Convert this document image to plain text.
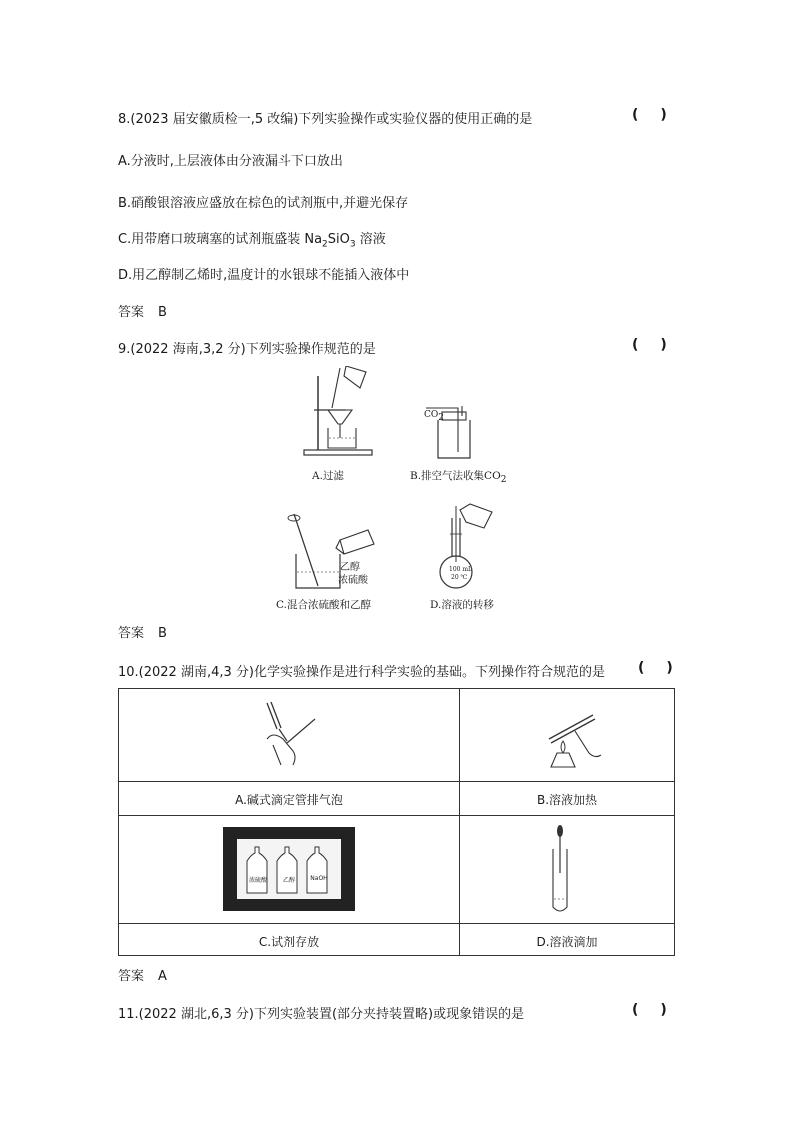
8.(2023 届安徽质检一,5 改编)下列实验操作或实验仪器的使用正确的是	()
A.分液时,上层液体由分液漏斗下口放出
B.硝酸银溶液应盛放在棕色的试剂瓶中,并避光保存
C.用带磨口玻璃塞的试剂瓶盛装 $Na_2SiO_3$ 溶液
D.用乙醇制乙烯时,温度计的水银球不能插入液体中
答案 B
9.(2022 海南,3,2 分)下列实验操作规范的是	()
A.过滤
$CO_2$
B.排空气法收集$CO_2$
乙醇
浓硫酸
C.混合浓硫酸和乙醇
100 mL
20 ℃
D.溶液的转移
答案 B
10.(2022 湖南,4,3 分)化学实验操作是进行科学实验的基础。下列操作符合规范的是 ()
A.碱式滴定管排气泡	B.溶液加热
浓硫酸	乙醇	NaOH
C.试剂存放	D.溶液滴加
答案 A
11.(2022 湖北,6,3 分)下列实验装置(部分夹持装置略)或现象错误的是	()
